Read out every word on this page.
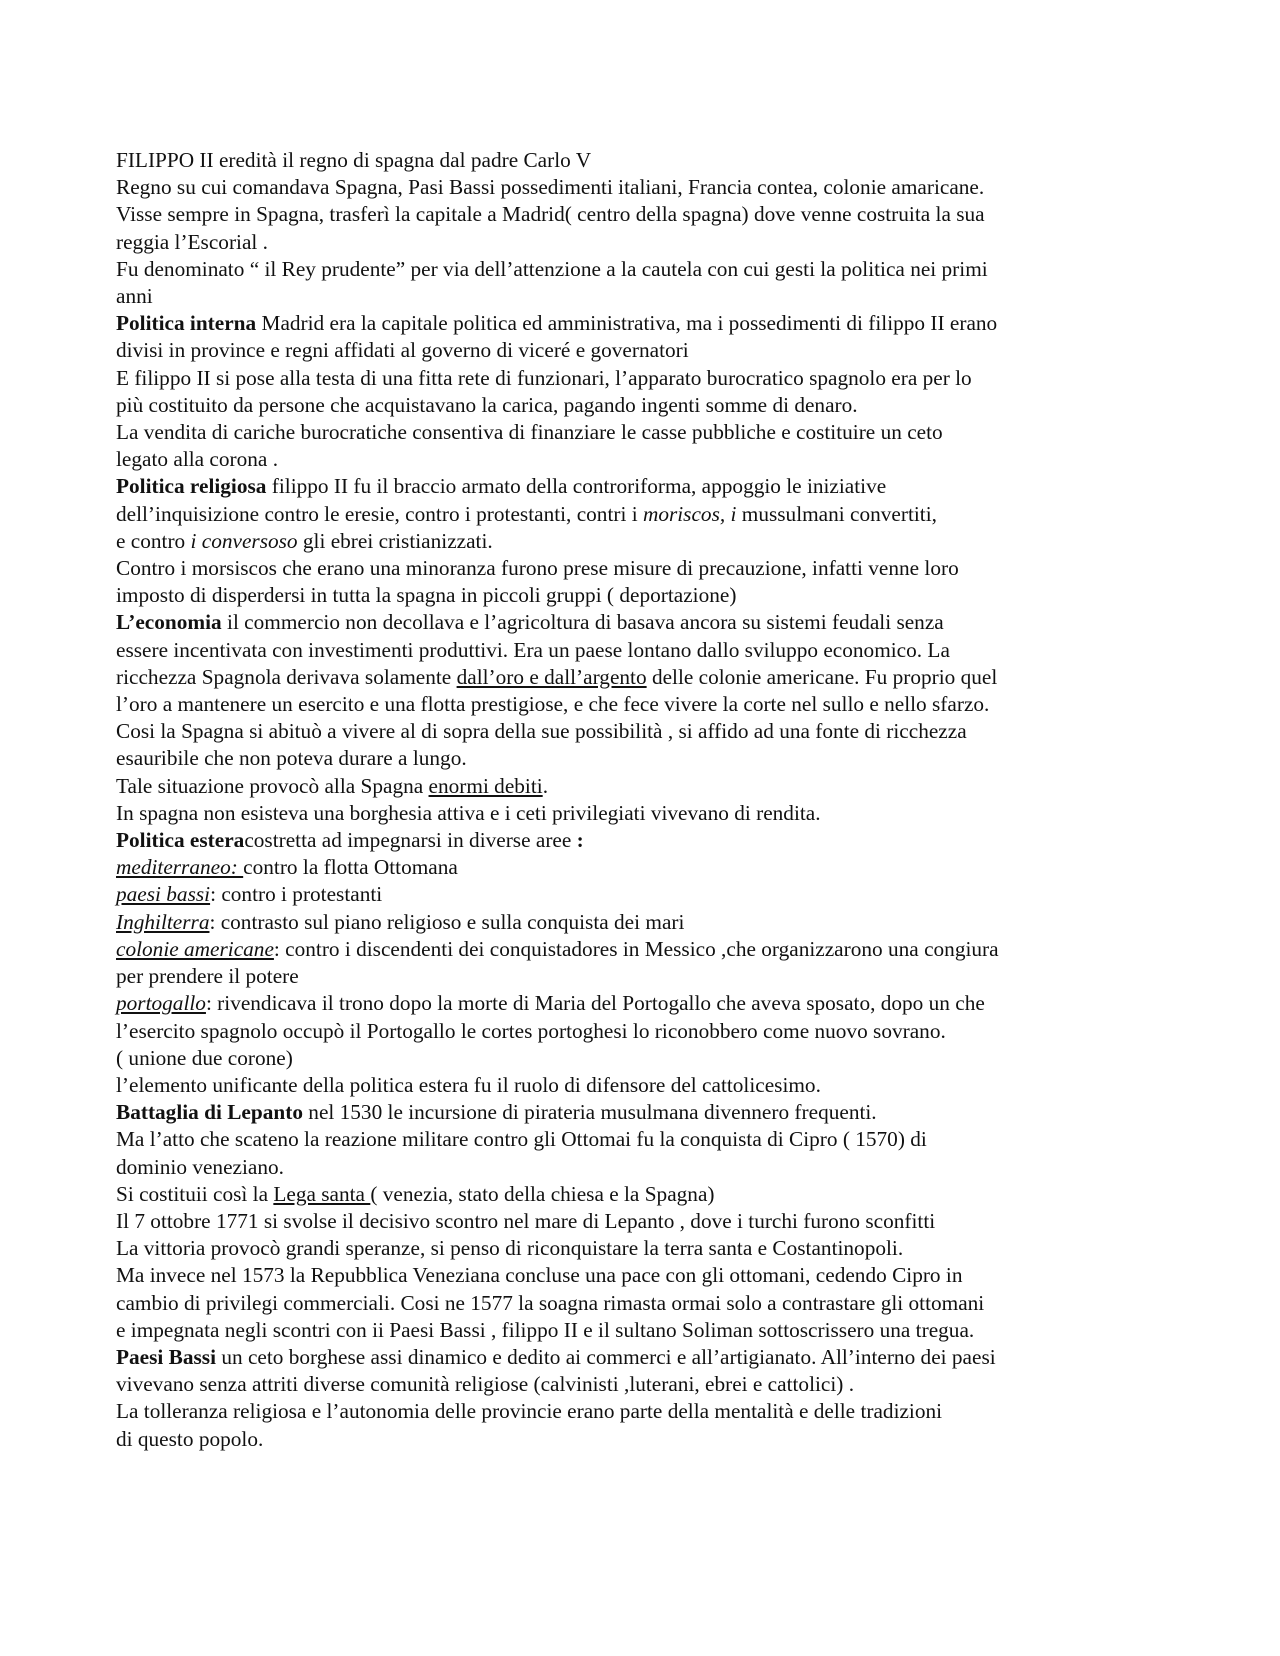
FILIPPO II eredità il regno di spagna dal padre Carlo V

Regno su cui comandava Spagna, Pasi Bassi possedimenti italiani, Francia contea, colonie amaricane.

Visse sempre in Spagna, trasferì la capitale a Madrid( centro della spagna) dove venne costruita la sua

reggia l’Escorial .

Fu denominato “ il Rey prudente” per via dell’attenzione a la cautela con cui gesti la politica nei primi

anni

Politica interna Madrid era la capitale politica ed amministrativa, ma i possedimenti di filippo II erano

divisi in province e regni affidati al governo di viceré e governatori

E filippo II si pose alla testa di una fitta rete di funzionari, l’apparato burocratico spagnolo era per lo

più costituito da persone che acquistavano la carica, pagando ingenti somme di denaro.

La vendita di cariche burocratiche consentiva di finanziare le casse pubbliche e costituire un ceto

legato alla corona .

Politica religiosa filippo II fu il braccio armato della controriforma, appoggio le iniziative

dell’inquisizione contro le eresie, contro i protestanti, contri i moriscos, i mussulmani convertiti,

e contro i conversoso gli ebrei cristianizzati.

Contro i morsiscos che erano una minoranza furono prese misure di precauzione, infatti venne loro

imposto di disperdersi in tutta la spagna in piccoli gruppi ( deportazione)

L’economia il commercio non decollava e l’agricoltura di basava ancora su sistemi feudali senza

essere incentivata con investimenti produttivi. Era un paese lontano dallo sviluppo economico. La

ricchezza Spagnola derivava solamente dall’oro e dall’argento delle colonie americane. Fu proprio quel

l’oro a mantenere un esercito e una flotta prestigiose, e che fece vivere la corte nel sullo e nello sfarzo.

Cosi la Spagna si abituò a vivere al di sopra della sue possibilità , si affido ad una fonte di ricchezza

esauribile che non poteva durare a lungo.

Tale situazione provocò alla Spagna enormi debiti.

In spagna non esisteva una borghesia attiva e i ceti privilegiati vivevano di rendita.

Politica esteracostretta ad impegnarsi in diverse aree :

mediterraneo: contro la flotta Ottomana

paesi bassi: contro i protestanti

Inghilterra: contrasto sul piano religioso e sulla conquista dei mari

colonie americane: contro i discendenti dei conquistadores in Messico ,che organizzarono una congiura

per prendere il potere

portogallo: rivendicava il trono dopo la morte di Maria del Portogallo che aveva sposato, dopo un che

l’esercito spagnolo occupò il Portogallo le cortes portoghesi lo riconobbero come nuovo sovrano.

( unione due corone)

l’elemento unificante della politica estera fu il ruolo di difensore del cattolicesimo.

Battaglia di Lepanto nel 1530 le incursione di pirateria musulmana divennero frequenti.

Ma l’atto che scateno la reazione militare contro gli Ottomai fu la conquista di Cipro ( 1570) di

dominio veneziano.

Si costituii così la Lega santa ( venezia, stato della chiesa e la Spagna)

Il 7 ottobre 1771 si svolse il decisivo scontro nel mare di Lepanto , dove i turchi furono sconfitti

La vittoria provocò grandi speranze, si penso di riconquistare la terra santa e Costantinopoli.

Ma invece nel 1573 la Repubblica Veneziana concluse una pace con gli ottomani, cedendo Cipro in

cambio di privilegi commerciali. Cosi ne 1577 la soagna rimasta ormai solo a contrastare gli ottomani

e impegnata negli scontri con ii Paesi Bassi , filippo II e il sultano Soliman sottoscrissero una tregua.

Paesi Bassi un ceto borghese assi dinamico e dedito ai commerci e all’artigianato. All’interno dei paesi

vivevano senza attriti diverse comunità religiose (calvinisti ,luterani, ebrei e cattolici) .

La tolleranza religiosa e l’autonomia delle provincie erano parte della mentalità e delle tradizioni

di questo popolo.
